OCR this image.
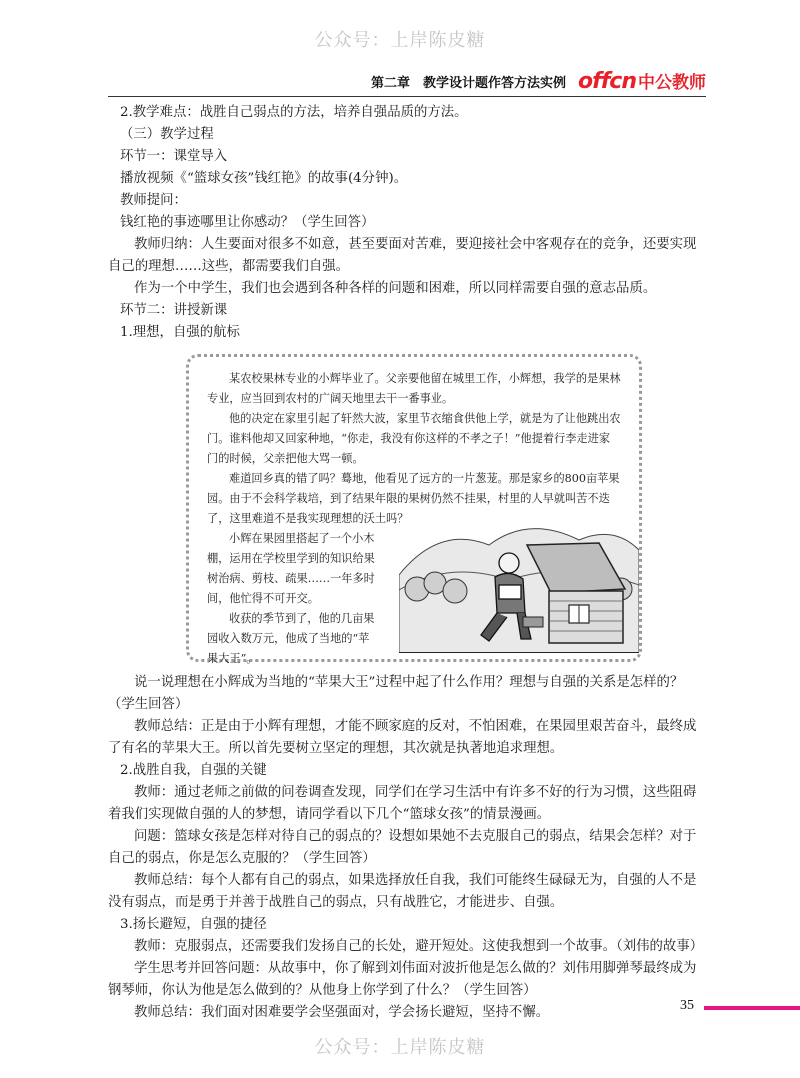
公众号：上岸陈皮糖
第二章　教学设计题作答方法实例 offcn 中公教师

2.教学难点：战胜自己弱点的方法，培养自强品质的方法。

（三）教学过程

环节一：课堂导入

播放视频《“篮球女孩”钱红艳》的故事(4分钟)。

教师提问：

钱红艳的事迹哪里让你感动？（学生回答）

教师归纳：人生要面对很多不如意，甚至要面对苦难，要迎接社会中客观存在的竞争，还要实现自己的理想……这些，都需要我们自强。

作为一个中学生，我们也会遇到各种各样的问题和困难，所以同样需要自强的意志品质。

环节二：讲授新课

1.理想，自强的航标

某农校果林专业的小辉毕业了。父亲要他留在城里工作，小辉想，我学的是果林专业，应当回到农村的广阔天地里去干一番事业。

他的决定在家里引起了轩然大波，家里节衣缩食供他上学，就是为了让他跳出农门。谁料他却又回家种地，“你走，我没有你这样的不孝之子！”他提着行李走进家门的时候，父亲把他大骂一顿。

难道回乡真的错了吗？蓦地，他看见了远方的一片葱茏。那是家乡的800亩苹果园。由于不会科学栽培，到了结果年限的果树仍然不挂果，村里的人早就叫苦不迭了，这里难道不是我实现理想的沃土吗？

小辉在果园里搭起了一个小木棚，运用在学校里学到的知识给果树治病、剪枝、疏果……一年多时间，他忙得不可开交。

收获的季节到了，他的几亩果园收入数万元，他成了当地的“苹果大王”。

说一说理想在小辉成为当地的“苹果大王”过程中起了什么作用？理想与自强的关系是怎样的？（学生回答）

教师总结：正是由于小辉有理想，才能不顾家庭的反对，不怕困难，在果园里艰苦奋斗，最终成了有名的苹果大王。所以首先要树立坚定的理想，其次就是执著地追求理想。

2.战胜自我，自强的关键

教师：通过老师之前做的问卷调查发现，同学们在学习生活中有许多不好的行为习惯，这些阻碍着我们实现做自强的人的梦想，请同学看以下几个“篮球女孩”的情景漫画。

问题：篮球女孩是怎样对待自己的弱点的？设想如果她不去克服自己的弱点，结果会怎样？对于自己的弱点，你是怎么克服的？（学生回答）

教师总结：每个人都有自己的弱点，如果选择放任自我，我们可能终生碌碌无为，自强的人不是没有弱点，而是勇于并善于战胜自己的弱点，只有战胜它，才能进步、自强。

3.扬长避短，自强的捷径

教师：克服弱点，还需要我们发扬自己的长处，避开短处。这使我想到一个故事。（刘伟的故事）

学生思考并回答问题：从故事中，你了解到刘伟面对波折他是怎么做的？刘伟用脚弹琴最终成为钢琴师，你认为他是怎么做到的？从他身上你学到了什么？（学生回答）

教师总结：我们面对困难要学会坚强面对，学会扬长避短，坚持不懈。	35
公众号：上岸陈皮糖
